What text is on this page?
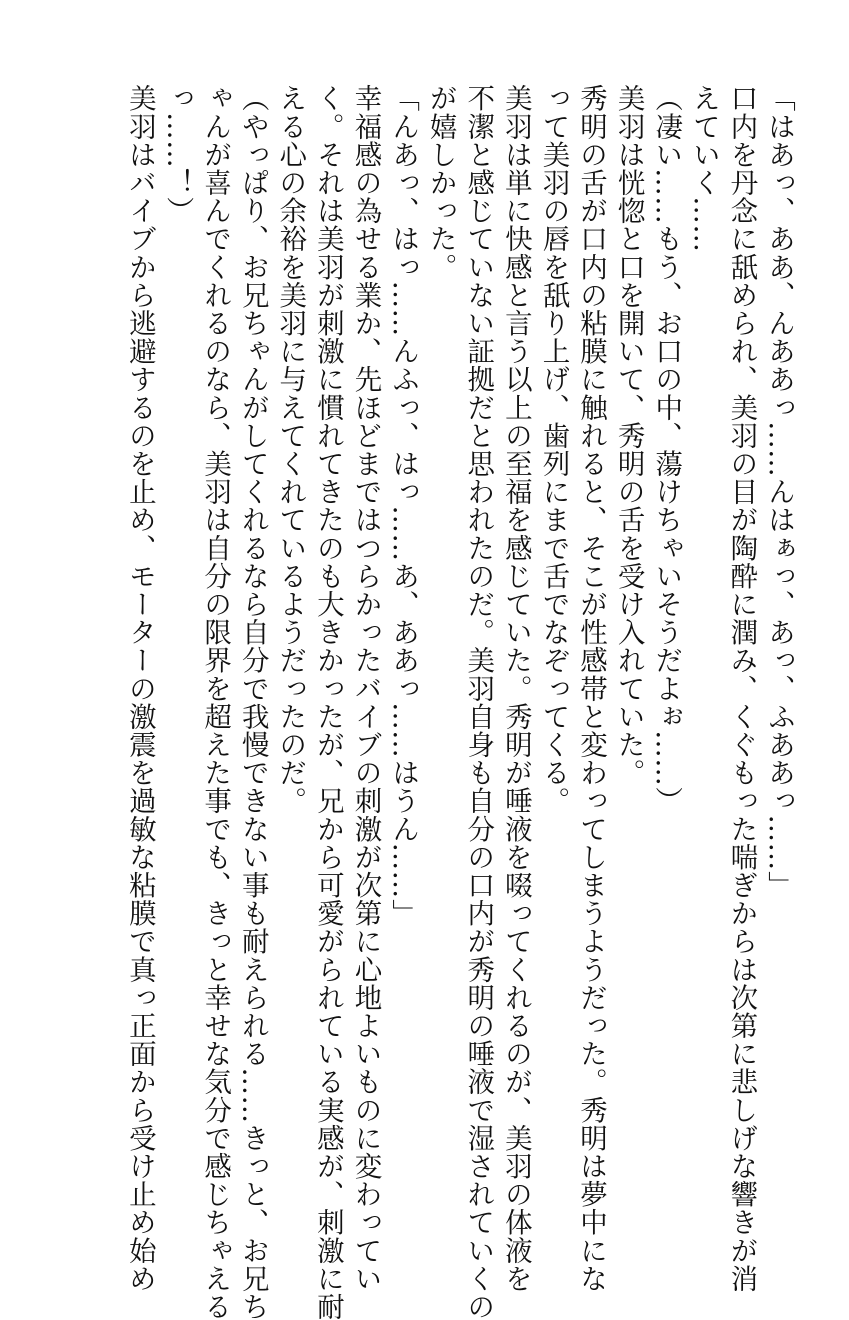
「はあっ、ああ、んああっ……んはぁっ、あっ、ふああっ……」
口内を丹念に舐められ、美羽の目が陶酔に潤み、くぐもった喘ぎからは次第に悲しげな響きが消
えていく……
（凄い……もう、お口の中、蕩けちゃいそうだよぉ……）
美羽は恍惚と口を開いて、秀明の舌を受け入れていた。
秀明の舌が口内の粘膜に触れると、そこが性感帯と変わってしまうようだった。秀明は夢中にな
って美羽の唇を舐り上げ、歯列にまで舌でなぞってくる。
美羽は単に快感と言う以上の至福を感じていた。秀明が唾液を啜ってくれるのが、美羽の体液を
不潔と感じていない証拠だと思われたのだ。美羽自身も自分の口内が秀明の唾液で湿されていくの
が嬉しかった。
「んあっ、はっ……んふっ、はっ……あ、ああっ……はうん……」
幸福感の為せる業か、先ほどまではつらかったバイブの刺激が次第に心地よいものに変わってい
く。それは美羽が刺激に慣れてきたのも大きかったが、兄から可愛がられている実感が、刺激に耐
える心の余裕を美羽に与えてくれているようだったのだ。
（やっぱり、お兄ちゃんがしてくれるなら自分で我慢できない事も耐えられる……きっと、お兄ち
ゃんが喜んでくれるのなら、美羽は自分の限界を超えた事でも、きっと幸せな気分で感じちゃえる
っ……！）
美羽はバイブから逃避するのを止め、モーターの激震を過敏な粘膜で真っ正面から受け止め始め
